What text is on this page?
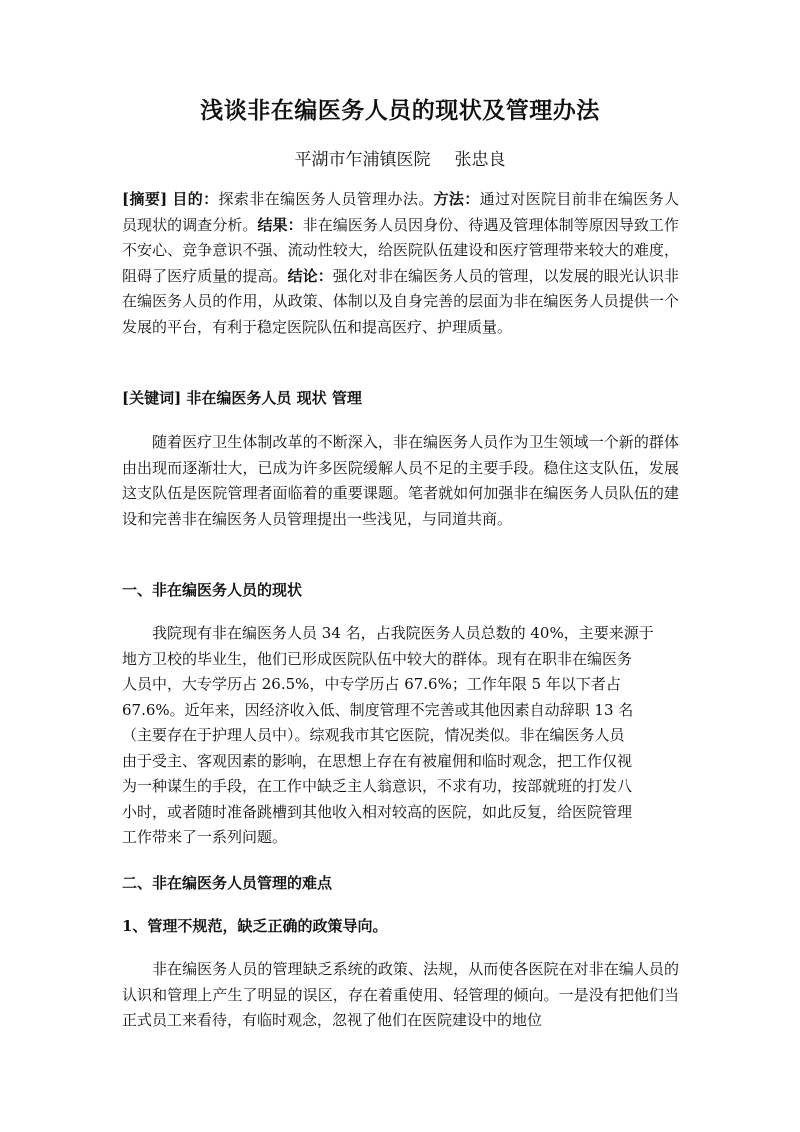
浅谈非在编医务人员的现状及管理办法
平湖市乍浦镇医院 张忠良

[摘要] 目的：探索非在编医务人员管理办法。方法：通过对医院目前非在编医务人员现状的调查分析。结果：非在编医务人员因身份、待遇及管理体制等原因导致工作不安心、竞争意识不强、流动性较大，给医院队伍建设和医疗管理带来较大的难度，阻碍了医疗质量的提高。结论：强化对非在编医务人员的管理，以发展的眼光认识非在编医务人员的作用，从政策、体制以及自身完善的层面为非在编医务人员提供一个发展的平台，有利于稳定医院队伍和提高医疗、护理质量。

[关键词] 非在编医务人员 现状 管理

随着医疗卫生体制改革的不断深入，非在编医务人员作为卫生领域一个新的群体由出现而逐渐壮大，已成为许多医院缓解人员不足的主要手段。稳住这支队伍，发展这支队伍是医院管理者面临着的重要课题。笔者就如何加强非在编医务人员队伍的建设和完善非在编医务人员管理提出一些浅见，与同道共商。

一、非在编医务人员的现状
我院现有非在编医务人员 34 名，占我院医务人员总数的 40%，主要来源于
地方卫校的毕业生，他们已形成医院队伍中较大的群体。现有在职非在编医务
人员中，大专学历占 26.5%，中专学历占 67.6%；工作年限 5 年以下者占
67.6%。近年来，因经济收入低、制度管理不完善或其他因素自动辞职 13 名
（主要存在于护理人员中）。综观我市其它医院，情况类似。非在编医务人员
由于受主、客观因素的影响，在思想上存在有被雇佣和临时观念，把工作仅视
为一种谋生的手段，在工作中缺乏主人翁意识，不求有功，按部就班的打发八
小时，或者随时准备跳槽到其他收入相对较高的医院，如此反复，给医院管理
工作带来了一系列问题。
二、非在编医务人员管理的难点
1、管理不规范，缺乏正确的政策导向。

非在编医务人员的管理缺乏系统的政策、法规，从而使各医院在对非在编人员的认识和管理上产生了明显的误区，存在着重使用、轻管理的倾向。一是没有把他们当正式员工来看待，有临时观念，忽视了他们在医院建设中的地位
